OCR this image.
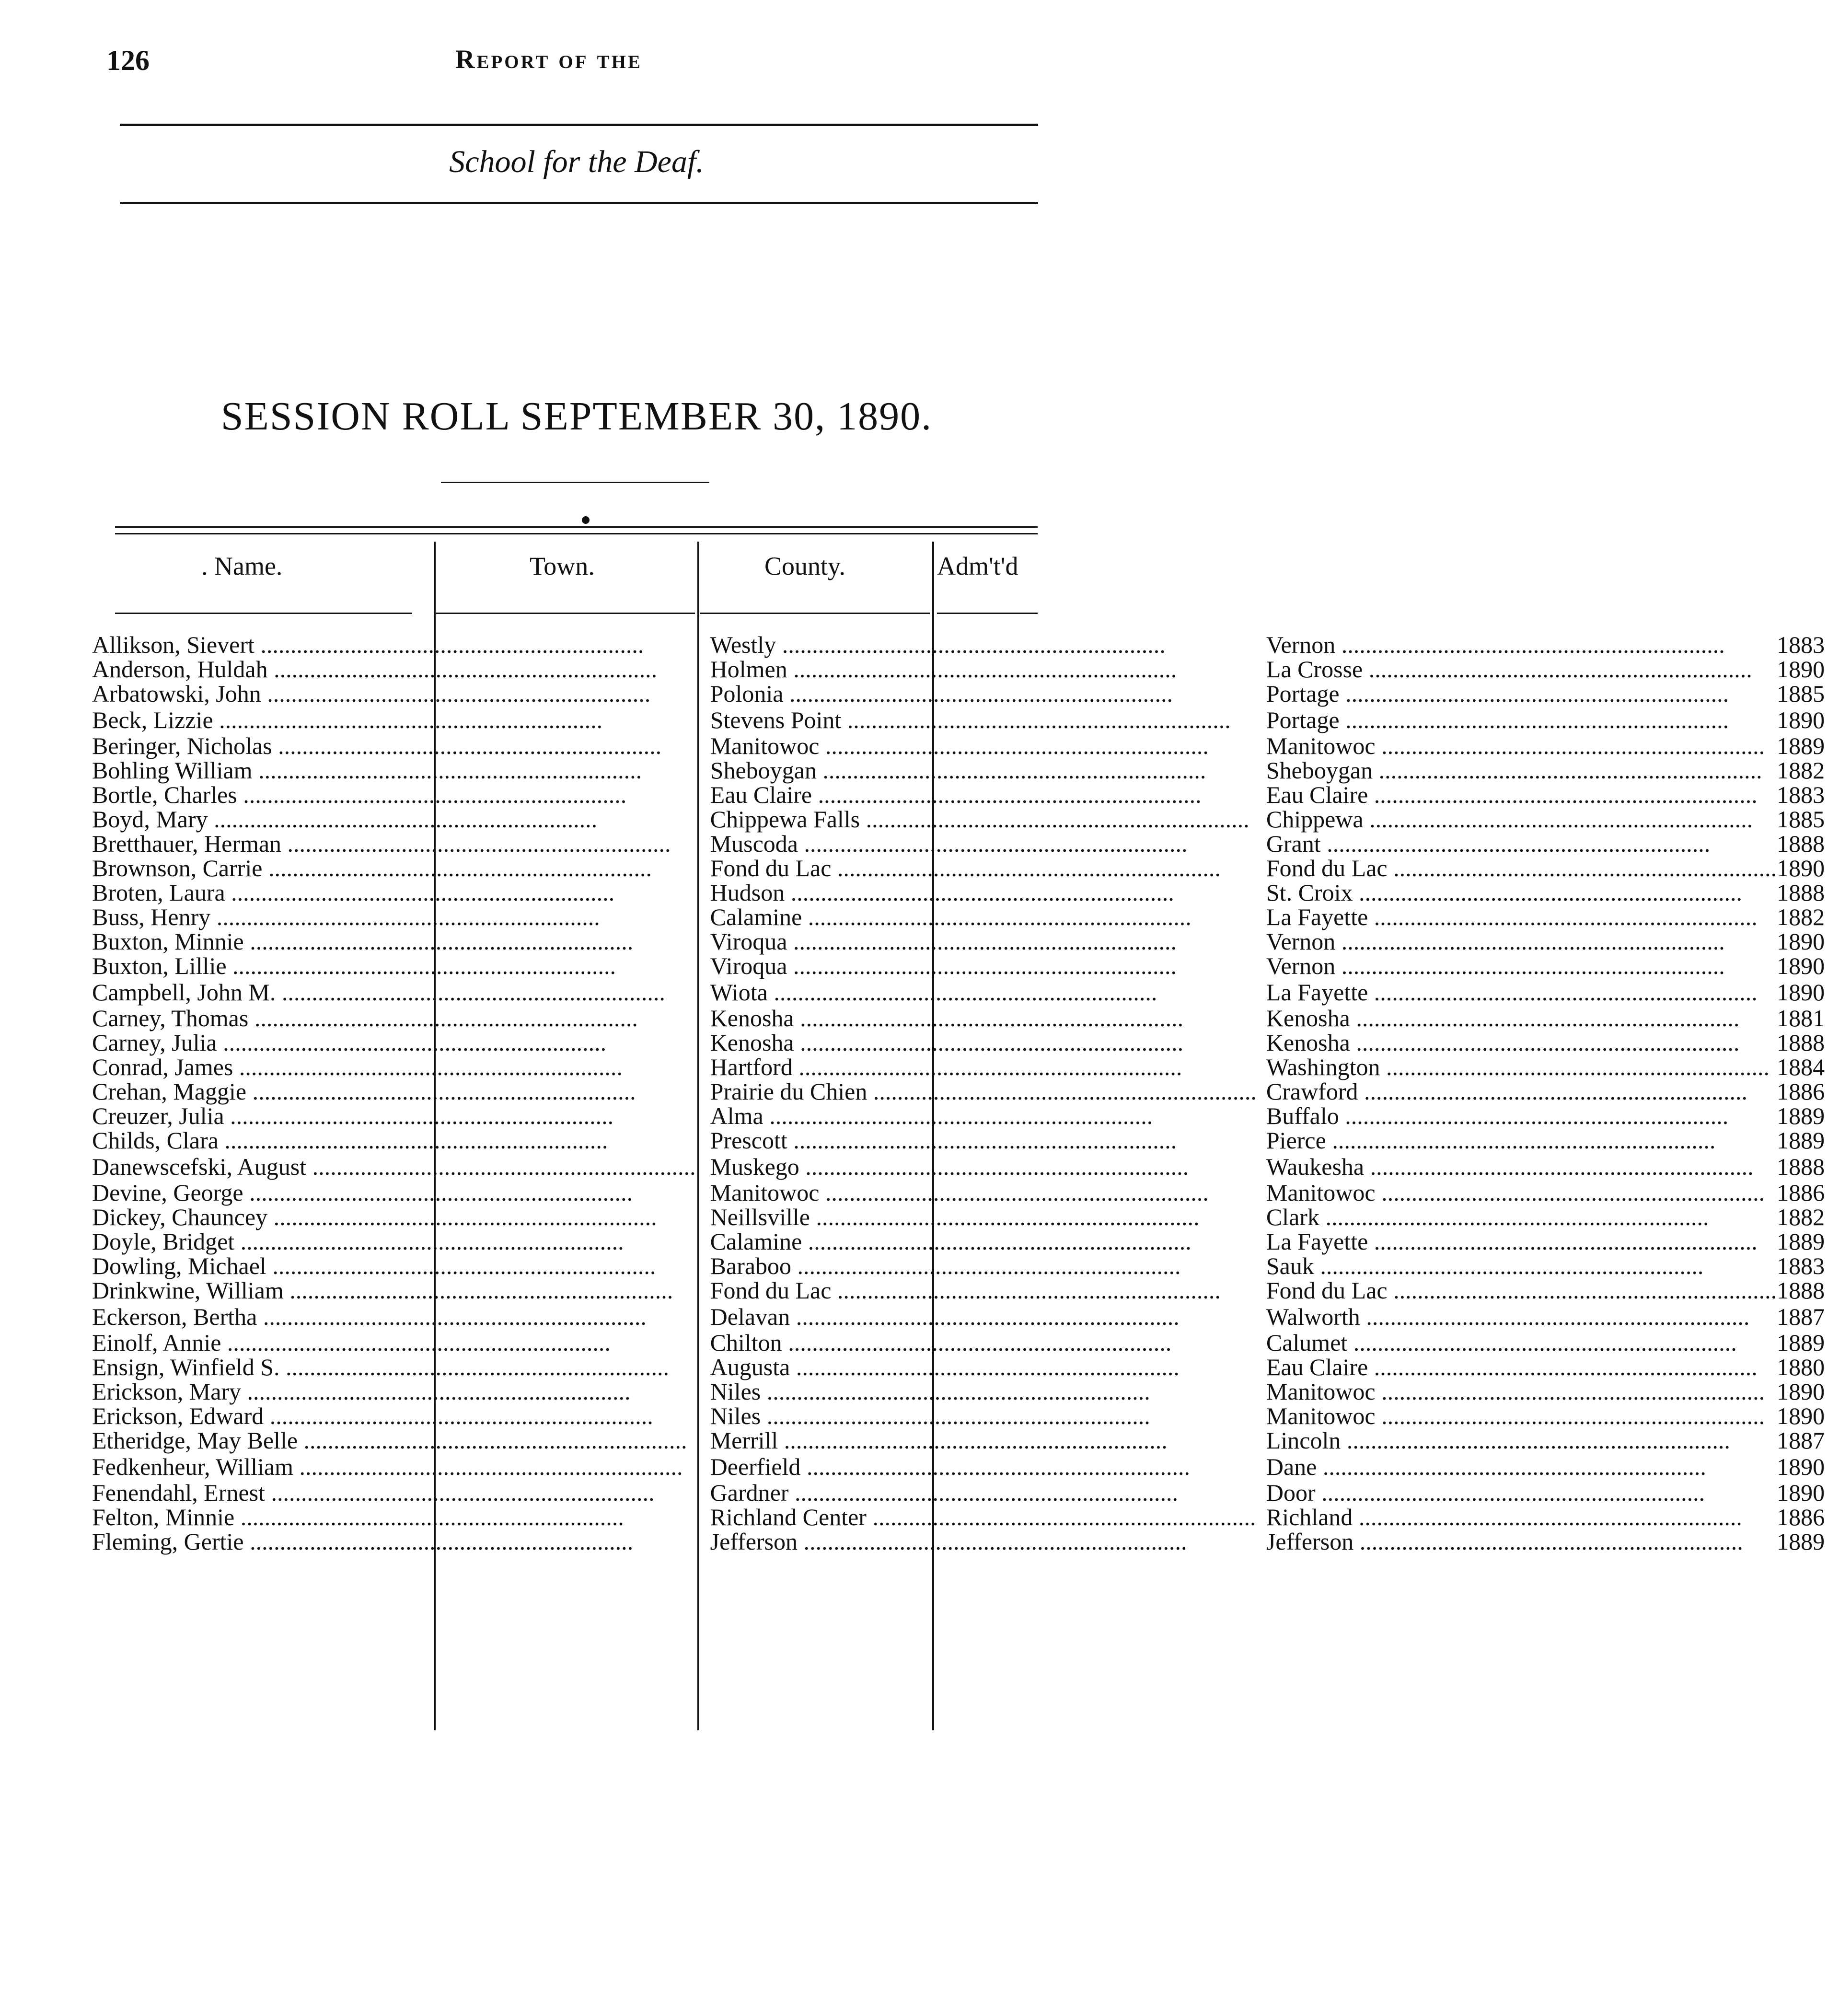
126	Report of the
School for the Deaf.
SESSION ROLL SEPTEMBER 30, 1890.
. Name.	Town.	County.	Adm't'd
Allikson, Sievert .....	Westly .....	Vernon .....	1883
Anderson, Huldah .....	Holmen .....	La Crosse .....	1890
Arbatowski, John .....	Polonia .....	Portage .....	1885
Beck, Lizzie .....	Stevens Point .....	Portage .....	1890
Beringer, Nicholas .....	Manitowoc .....	Manitowoc .....	1889
Bohling William .....	Sheboygan .....	Sheboygan .....	1882
Bortle, Charles .....	Eau Claire .....	Eau Claire .....	1883
Boyd, Mary .....	Chippewa Falls .....	Chippewa .....	1885
Bretthauer, Herman .....	Muscoda .....	Grant .....	1888
Brownson, Carrie .....	Fond du Lac .....	Fond du Lac .....	1890
Broten, Laura .....	Hudson .....	St. Croix .....	1888
Buss, Henry .....	Calamine .....	La Fayette .....	1882
Buxton, Minnie .....	Viroqua .....	Vernon .....	1890
Buxton, Lillie .....	Viroqua .....	Vernon .....	1890
Campbell, John M. .....	Wiota .....	La Fayette .....	1890
Carney, Thomas .....	Kenosha .....	Kenosha .....	1881
Carney, Julia .....	Kenosha .....	Kenosha .....	1888
Conrad, James .....	Hartford .....	Washington .....	1884
Crehan, Maggie .....	Prairie du Chien .....	Crawford .....	1886
Creuzer, Julia .....	Alma .....	Buffalo .....	1889
Childs, Clara .....	Prescott .....	Pierce .....	1889
Danewscefski, August .....	Muskego .....	Waukesha .....	1888
Devine, George .....	Manitowoc .....	Manitowoc .....	1886
Dickey, Chauncey .....	Neillsville .....	Clark .....	1882
Doyle, Bridget .....	Calamine .....	La Fayette .....	1889
Dowling, Michael .....	Baraboo .....	Sauk .....	1883
Drinkwine, William .....	Fond du Lac .....	Fond du Lac .....	1888
Eckerson, Bertha .....	Delavan .....	Walworth .....	1887
Einolf, Annie .....	Chilton .....	Calumet .....	1889
Ensign, Winfield S. .....	Augusta .....	Eau Claire .....	1880
Erickson, Mary .....	Niles .....	Manitowoc .....	1890
Erickson, Edward .....	Niles .....	Manitowoc .....	1890
Etheridge, May Belle .....	Merrill .....	Lincoln .....	1887
Fedkenheur, William .....	Deerfield .....	Dane .....	1890
Fenendahl, Ernest .....	Gardner .....	Door .....	1890
Felton, Minnie .....	Richland Center .....	Richland .....	1886
Fleming, Gertie .....	Jefferson .....	Jefferson .....	1889
